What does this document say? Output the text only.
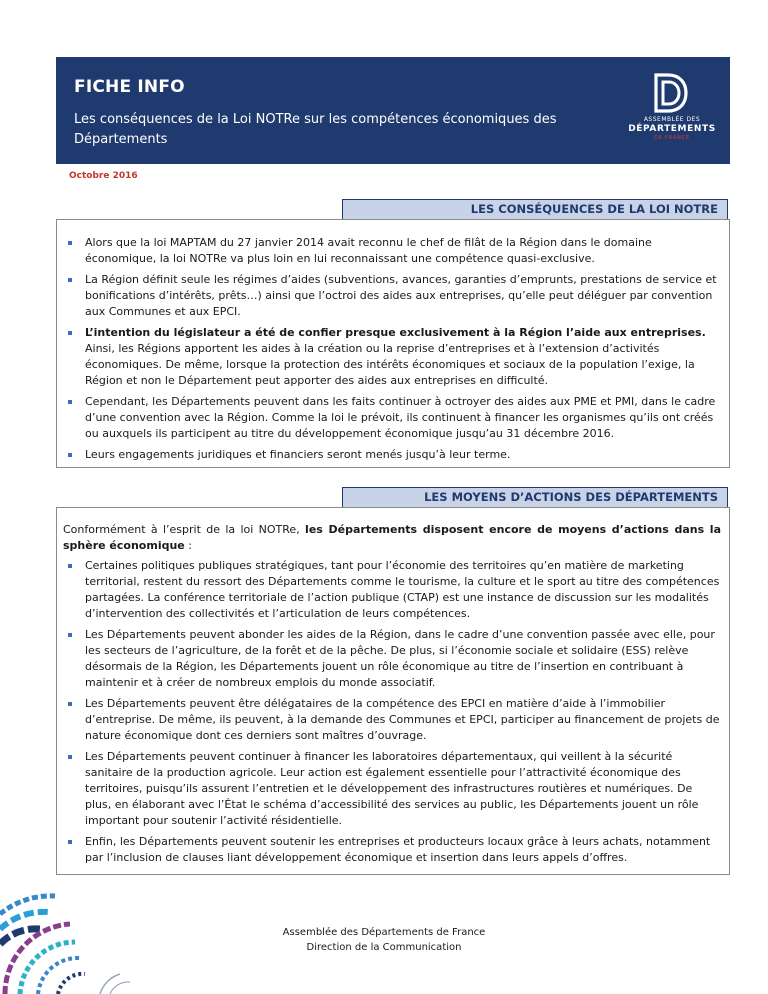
FICHE INFO
Les conséquences de la Loi NOTRe sur les compétences économiques des Départements
ASSEMBLÉE DES
DÉPARTEMENTS
DE FRANCE
Octobre 2016
LES CONSÉQUENCES DE LA LOI NOTRE
Alors que la loi MAPTAM du 27 janvier 2014 avait reconnu le chef de filât de la Région dans le domaine économique, la loi NOTRe va plus loin en lui reconnaissant une compétence quasi-exclusive.
La Région définit seule les régimes d’aides (subventions, avances, garanties d’emprunts, prestations de service et bonifications d’intérêts, prêts…) ainsi que l’octroi des aides aux entreprises, qu’elle peut déléguer par convention aux Communes et aux EPCI.
L’intention du législateur a été de confier presque exclusivement à la Région l’aide aux entreprises. Ainsi, les Régions apportent les aides à la création ou la reprise d’entreprises et à l’extension d’activités économiques. De même, lorsque la protection des intérêts économiques et sociaux de la population l’exige, la Région et non le Département peut apporter des aides aux entreprises en difficulté.
Cependant, les Départements peuvent dans les faits continuer à octroyer des aides aux PME et PMI, dans le cadre d’une convention avec la Région. Comme la loi le prévoit, ils continuent à financer les organismes qu’ils ont créés ou auxquels ils participent au titre du développement économique jusqu’au 31 décembre 2016.
Leurs engagements juridiques et financiers seront menés jusqu’à leur terme.
LES MOYENS D’ACTIONS DES DÉPARTEMENTS
Conformément à l’esprit de la loi NOTRe, les Départements disposent encore de moyens d’actions dans la sphère économique :
Certaines politiques publiques stratégiques, tant pour l’économie des territoires qu’en matière de marketing territorial, restent du ressort des Départements comme le tourisme, la culture et le sport au titre des compétences partagées. La conférence territoriale de l’action publique (CTAP) est une instance de discussion sur les modalités d’intervention des collectivités et l’articulation de leurs compétences.
Les Départements peuvent abonder les aides de la Région, dans le cadre d’une convention passée avec elle, pour les secteurs de l’agriculture, de la forêt et de la pêche. De plus, si l’économie sociale et solidaire (ESS) relève désormais de la Région, les Départements jouent un rôle économique au titre de l’insertion en contribuant à maintenir et à créer de nombreux emplois du monde associatif.
Les Départements peuvent être délégataires de la compétence des EPCI en matière d’aide à l’immobilier d’entreprise. De même, ils peuvent, à la demande des Communes et EPCI, participer au financement de projets de nature économique dont ces derniers sont maîtres d’ouvrage.
Les Départements peuvent continuer à financer les laboratoires départementaux, qui veillent à la sécurité sanitaire de la production agricole. Leur action est également essentielle pour l’attractivité économique des territoires, puisqu’ils assurent l’entretien et le développement des infrastructures routières et numériques. De plus, en élaborant avec l’État le schéma d’accessibilité des services au public, les Départements jouent un rôle important pour soutenir l’activité résidentielle.
Enfin, les Départements peuvent soutenir les entreprises et producteurs locaux grâce à leurs achats, notamment par l’inclusion de clauses liant développement économique et insertion dans leurs appels d’offres.
Assemblée des Départements de France
Direction de la Communication
